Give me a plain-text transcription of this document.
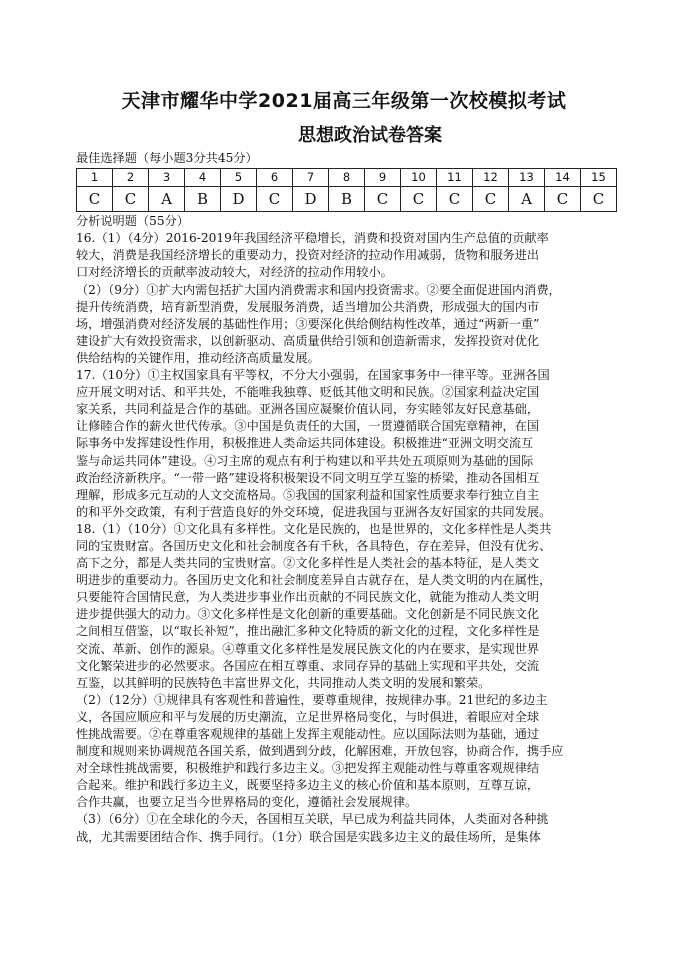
天津市耀华中学2021届高三年级第一次校模拟考试
思想政治试卷答案
最佳选择题（每小题3分共45分）
1	2	3	4	5	6	7	8	9	10	11	12	13	14	15
C	C	A	B	D	C	D	B	C	C	C	C	A	C	C
分析说明题（55分）
16.（1）（4分）2016-2019年我国经济平稳增长，消费和投资对国内生产总值的贡献率
较大，消费是我国经济增长的重要动力，投资对经济的拉动作用减弱，货物和服务进出
口对经济增长的贡献率波动较大，对经济的拉动作用较小。
（2）（9分）①扩大内需包括扩大国内消费需求和国内投资需求。②要全面促进国内消费，
提升传统消费，培育新型消费，发展服务消费，适当增加公共消费，形成强大的国内市
场，增强消费对经济发展的基础性作用；③要深化供给侧结构性改革，通过“两新一重”
建设扩大有效投资需求，以创新驱动、高质量供给引领和创造新需求，发挥投资对优化
供给结构的关键作用，推动经济高质量发展。
17.（10分）①主权国家具有平等权，不分大小强弱，在国家事务中一律平等。亚洲各国
应开展文明对话、和平共处，不能唯我独尊、贬低其他文明和民族。②国家利益决定国
家关系，共同利益是合作的基础。亚洲各国应凝聚价值认同，夯实睦邻友好民意基础，
让修睦合作的薪火世代传承。③中国是负责任的大国，一贯遵循联合国宪章精神，在国
际事务中发挥建设性作用，积极推进人类命运共同体建设。积极推进“亚洲文明交流互
鉴与命运共同体”建设。④习主席的观点有利于构建以和平共处五项原则为基础的国际
政治经济新秩序。“一带一路”建设将积极架设不同文明互学互鉴的桥梁，推动各国相互
理解，形成多元互动的人文交流格局。⑤我国的国家利益和国家性质要求奉行独立自主
的和平外交政策，有利于营造良好的外交环境，促进我国与亚洲各友好国家的共同发展。
18.（1）（10分）①文化具有多样性。文化是民族的，也是世界的，文化多样性是人类共
同的宝贵财富。各国历史文化和社会制度各有千秋，各具特色，存在差异，但没有优劣、
高下之分，都是人类共同的宝贵财富。②文化多样性是人类社会的基本特征，是人类文
明进步的重要动力。各国历史文化和社会制度差异自古就存在，是人类文明的内在属性，
只要能符合国情民意，为人类进步事业作出贡献的不同民族文化，就能为推动人类文明
进步提供强大的动力。③文化多样性是文化创新的重要基础。文化创新是不同民族文化
之间相互借鉴，以“取长补短”，推出融汇多种文化特质的新文化的过程，文化多样性是
交流、革新、创作的源泉。④尊重文化多样性是发展民族文化的内在要求，是实现世界
文化繁荣进步的必然要求。各国应在相互尊重、求同存异的基础上实现和平共处，交流
互鉴，以其鲜明的民族特色丰富世界文化，共同推动人类文明的发展和繁荣。
（2）（12分）①规律具有客观性和普遍性，要尊重规律，按规律办事。21世纪的多边主
义，各国应顺应和平与发展的历史潮流，立足世界格局变化，与时俱进，着眼应对全球
性挑战需要。②在尊重客观规律的基础上发挥主观能动性。应以国际法则为基础，通过
制度和规则来协调规范各国关系，做到遇到分歧，化解困难，开放包容，协商合作，携手应
对全球性挑战需要，积极维护和践行多边主义。③把发挥主观能动性与尊重客观规律结
合起来。维护和践行多边主义，既要坚持多边主义的核心价值和基本原则，互尊互谅，
合作共赢，也要立足当今世界格局的变化，遵循社会发展规律。
（3）（6分）①在全球化的今天，各国相互关联，早已成为利益共同体，人类面对各种挑
战，尤其需要团结合作、携手同行。（1分）联合国是实践多边主义的最佳场所，是集体
